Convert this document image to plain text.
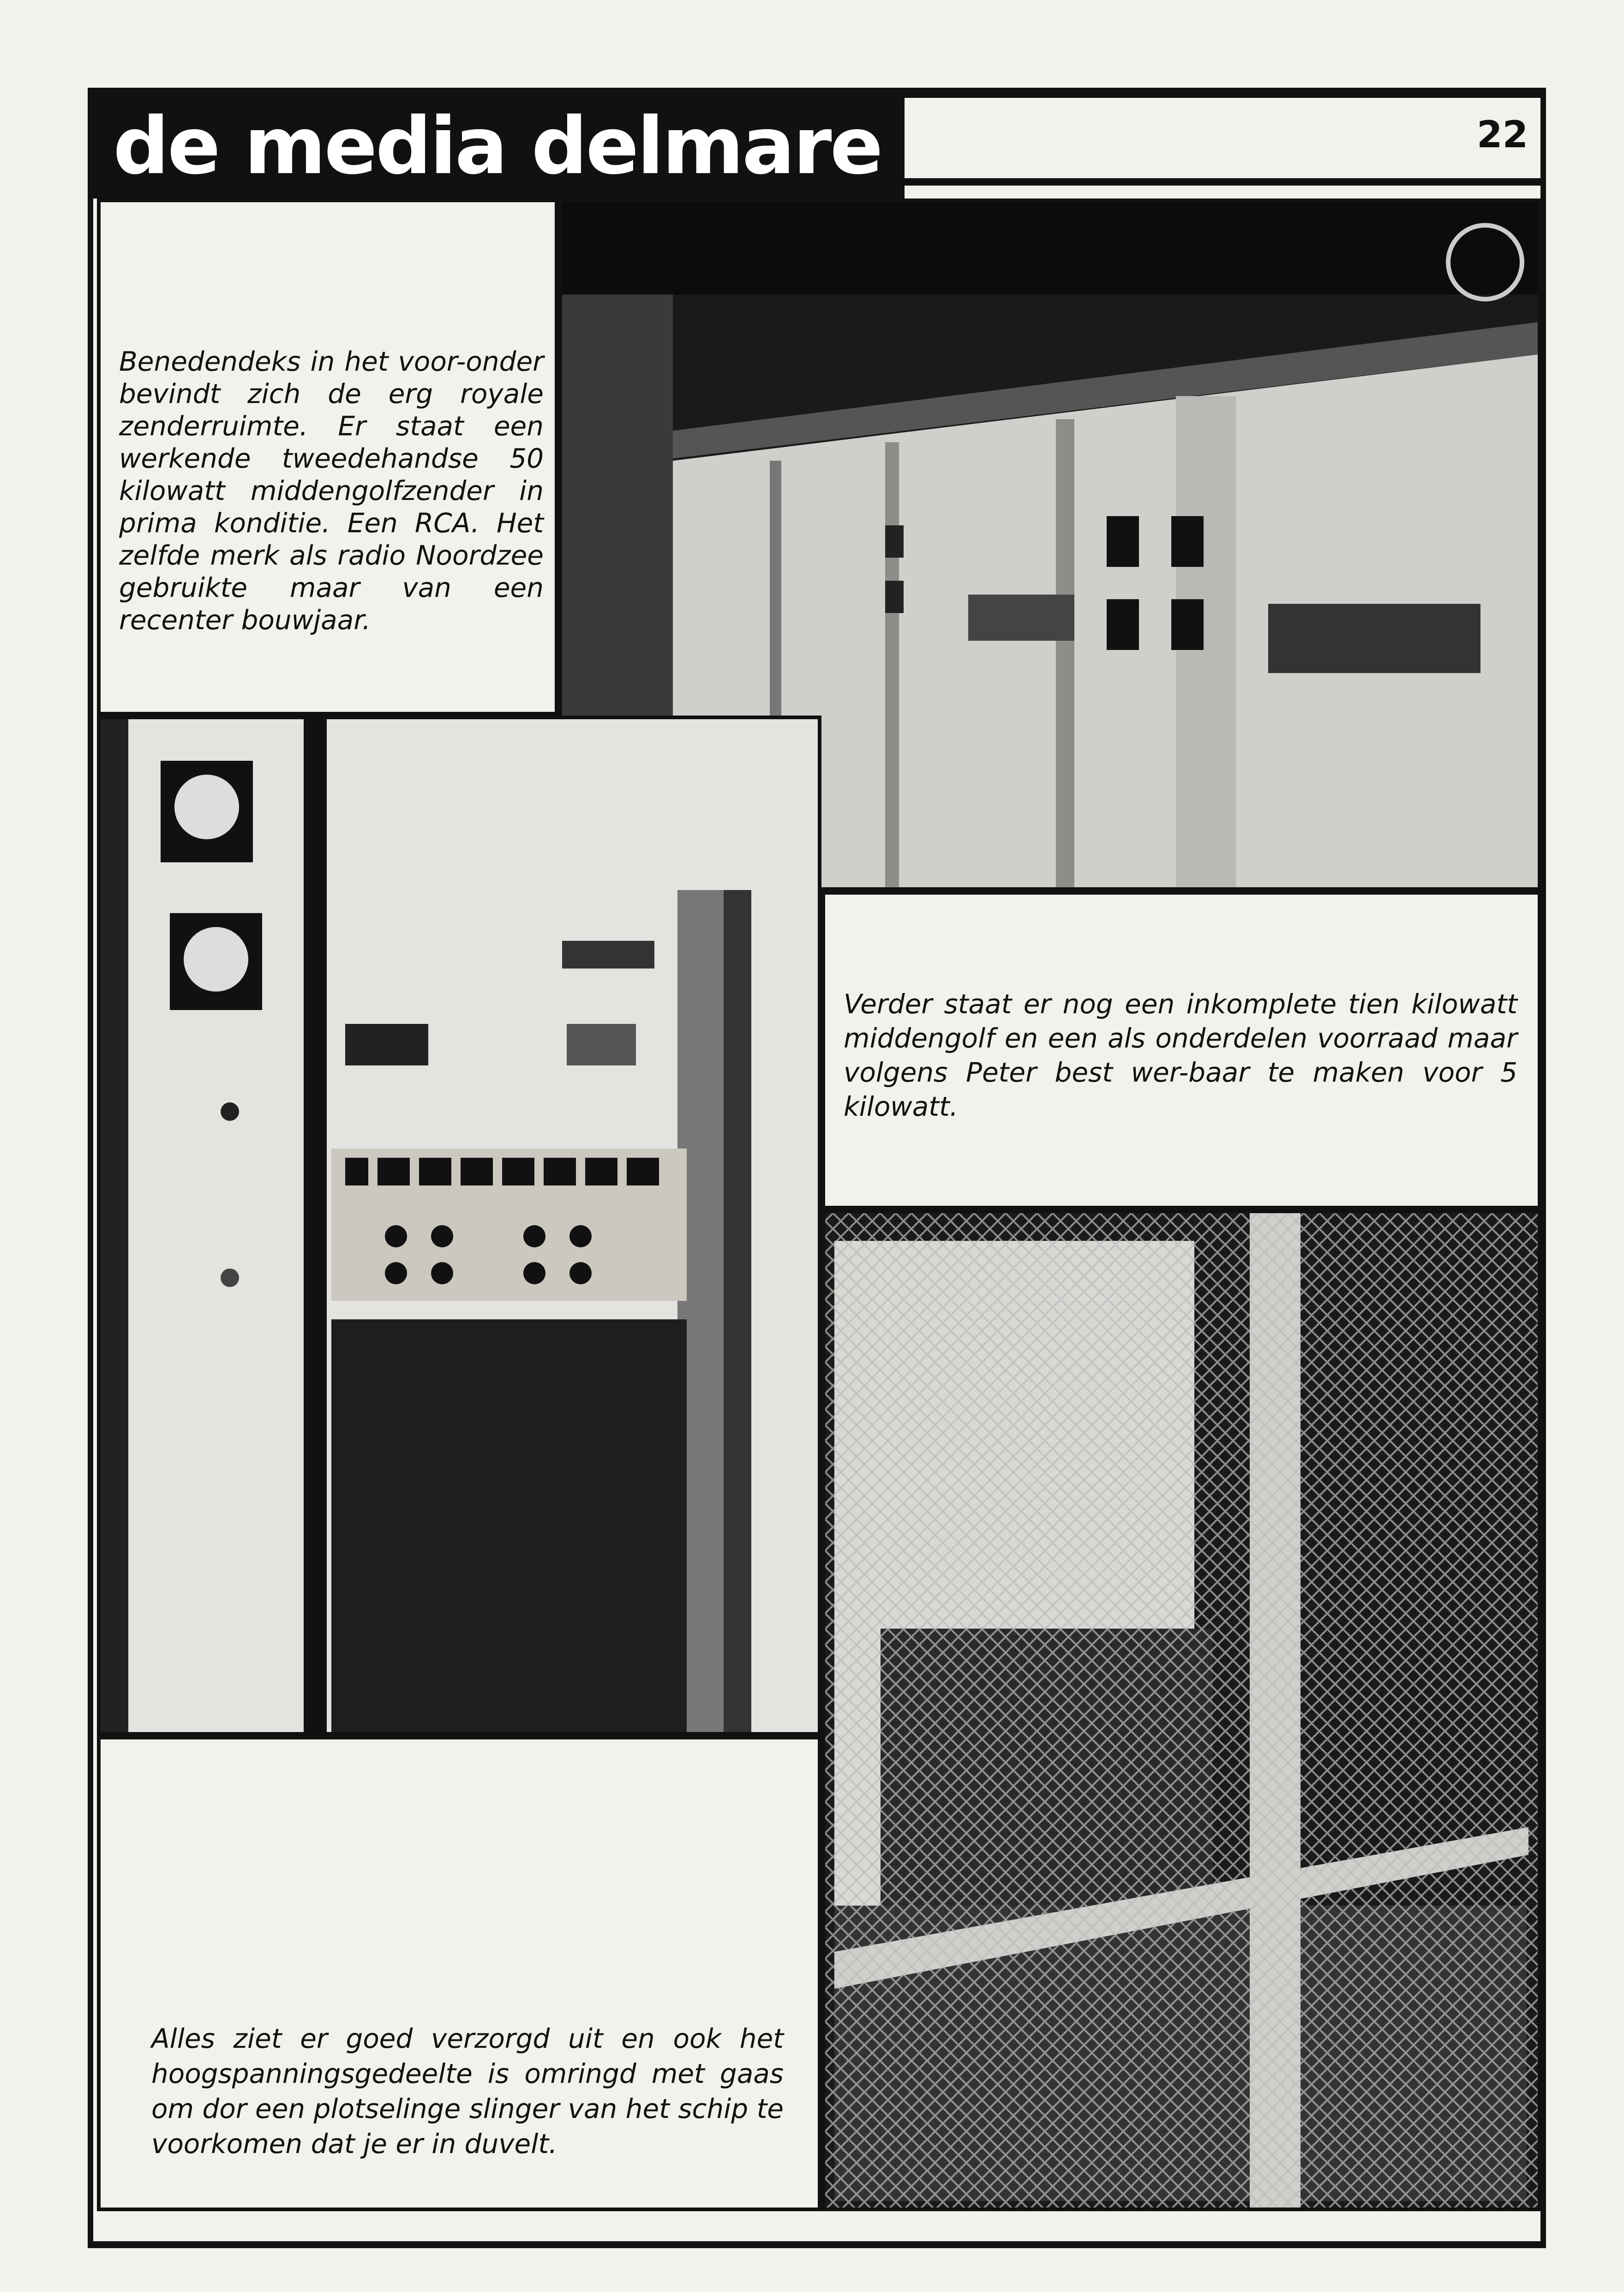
de media delmare	22

Benedendeks in het voor-onder bevindt zich de erg royale zenderruimte. Er staat een werkende tweedehandse 50 kilowatt middengolfzender in prima konditie. Een RCA. Het zelfde merk als radio Noordzee gebruikte maar van een recenter bouwjaar.

Verder staat er nog een inkomplete tien kilowatt middengolf en een als onderdelen voorraad maar volgens Peter best wer-baar te maken voor 5 kilowatt.

Alles ziet er goed verzorgd uit en ook het hoogspanningsgedeelte is omringd met gaas om dor een plotselinge slinger van het schip te voorkomen dat je er in duvelt.
